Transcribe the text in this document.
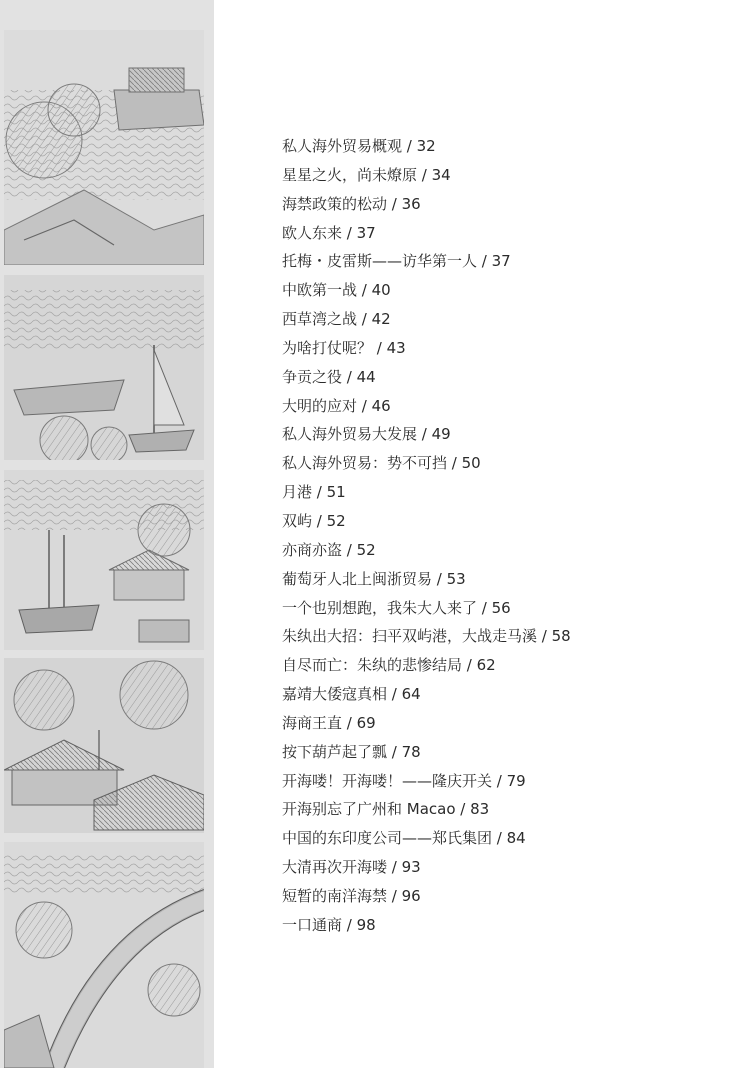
私人海外贸易概观 / 32
星星之火，尚未燎原 / 34
海禁政策的松动 / 36
欧人东来 / 37
托梅・皮雷斯——访华第一人 / 37
中欧第一战 / 40
西草湾之战 / 42
为啥打仗呢？ / 43
争贡之役 / 44
大明的应对 / 46
私人海外贸易大发展 / 49
私人海外贸易：势不可挡 / 50
月港 / 51
双屿 / 52
亦商亦盗 / 52
葡萄牙人北上闽浙贸易 / 53
一个也别想跑，我朱大人来了 / 56
朱纨出大招：扫平双屿港，大战走马溪 / 58
自尽而亡：朱纨的悲惨结局 / 62
嘉靖大倭寇真相 / 64
海商王直 / 69
按下葫芦起了瓢 / 78
开海喽！开海喽！——隆庆开关 / 79
开海别忘了广州和 Macao / 83
中国的东印度公司——郑氏集团 / 84
大清再次开海喽 / 93
短暂的南洋海禁 / 96
一口通商 / 98
